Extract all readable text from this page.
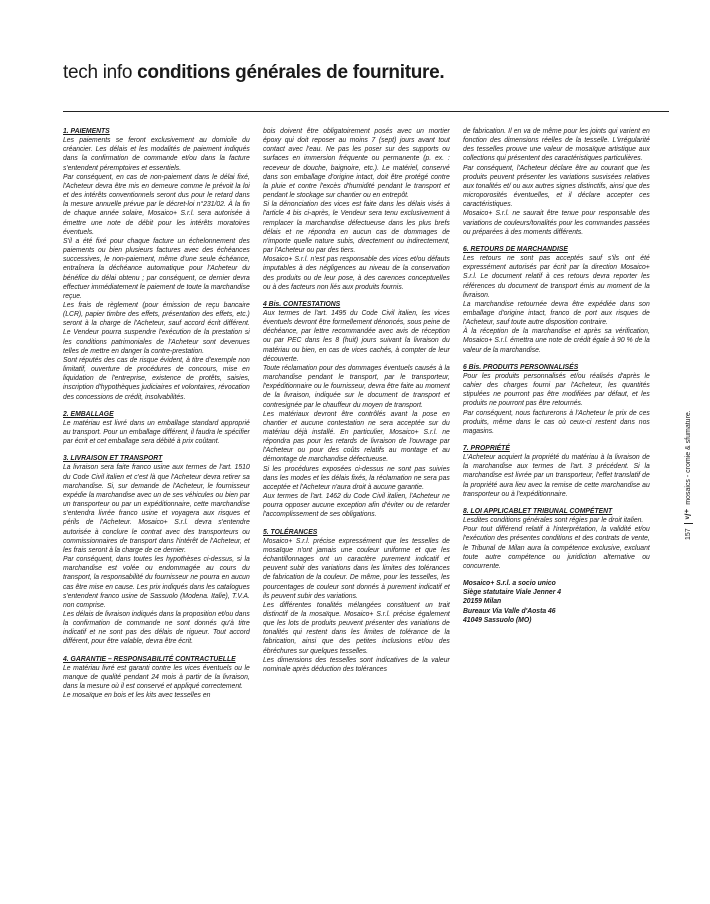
tech info conditions générales de fourniture.
1. PAIEMENTS

Les paiements se feront exclusivement au domicile du créancier. Les délais et les modalités de paiement indiqués dans la confirmation de commande et/ou dans la facture s'entendent péremptoires et essentiels.

Par conséquent, en cas de non-paiement dans le délai fixé, l'Acheteur devra être mis en demeure comme le prévoit la loi et des intérêts conventionnels seront dus pour le retard dans la mesure annuelle prévue par le décret-loi n°231/02. À la fin de chaque année solaire, Mosaico+ S.r.l. sera autorisée à émettre une note de débit pour les intérêts moratoires éventuels.

S'il a été fixé pour chaque facture un échelonnement des paiements ou bien plusieurs factures avec des échéances successives, le non-paiement, même d'une seule échéance, entraînera la déchéance automatique pour l'Acheteur du bénéfice du délai obtenu ; par conséquent, ce dernier devra effectuer immédiatement le paiement de toute la marchandise reçue.

Les frais de règlement (pour émission de reçu bancaire (LCR), papier timbre des effets, présentation des effets, etc.) seront à la charge de l'Acheteur, sauf accord écrit différent. Le Vendeur pourra suspendre l'exécution de la prestation si les conditions patrimoniales de l'Acheteur sont devenues telles de mettre en danger la contre-prestation.

Sont réputés des cas de risque évident, à titre d'exemple non limitatif, ouverture de procédures de concours, mise en liquidation de l'entreprise, existence de protêts, saisies, inscription d'hypothèques judiciaires et volontaires, révocation des concessions de crédit, insolvabilités.

2. EMBALLAGE

Le matériau est livré dans un emballage standard approprié au transport. Pour un emballage différent, il faudra le spécifier par écrit et cet emballage sera débité à prix coûtant.

3. LIVRAISON ET TRANSPORT

La livraison sera faite franco usine aux termes de l'art. 1510 du Code Civil italien et c'est là que l'Acheteur devra retirer sa marchandise. Si, sur demande de l'Acheteur, le fournisseur expédie la marchandise avec un de ses véhicules ou bien par un transporteur ou par un expéditionnaire, cette marchandise s'entendra livrée franco usine et voyagera aux risques et périls de l'Acheteur. Mosaico+ S.r.l. devra s'entendre autorisée à conclure le contrat avec des transporteurs ou commissionnaires de transport dans l'intérêt de l'Acheteur, et les frais seront à la charge de ce dernier.

Par conséquent, dans toutes les hypothèses ci-dessus, si la marchandise est volée ou endommagée au cours du transport, la responsabilité du fournisseur ne pourra en aucun cas être mise en cause. Les prix indiqués dans les catalogues s'entendent franco usine de Sassuolo (Modena. Italie), T.V.A. non comprise.

Les délais de livraison indiqués dans la proposition et/ou dans la confirmation de commande ne sont donnés qu'à titre indicatif et ne sont pas des délais de rigueur. Tout accord différent, pour être valable, devra être écrit.

4. GARANTIE – RESPONSABILITÉ CONTRACTUELLE

Le matériau livré est garanti contre les vices éventuels ou le manque de qualité pendant 24 mois à partir de la livraison, dans la mesure où il est conservé et appliqué correctement.

Le mosaïque en bois et les kits avec tesselles en

bois doivent être obligatoirement posés avec un mortier époxy qui doit reposer au moins 7 (sept) jours avant tout contact avec l'eau. Ne pas les poser sur des supports ou surfaces en immersion fréquente ou permanente (p. ex. : receveur de douche, baignoire, etc.). Le matériel, conservé dans son emballage d'origine intact, doit être protégé contre la pluie et contre l'excès d'humidité pendant le transport et pendant le stockage sur chantier ou en entrepôt.

Si la dénonciation des vices est faite dans les délais visés à l'article 4 bis ci-après, le Vendeur sera tenu exclusivement à remplacer la marchandise défectueuse dans les plus brefs délais et ne répondra en aucun cas de dommages de n'importe quelle nature subis, directement ou indirectement, par l'Acheteur ou par des tiers.

Mosaico+ S.r.l. n'est pas responsable des vices et/ou défauts imputables à des négligences au niveau de la conservation des produits ou de leur pose, à des carences conceptuelles ou à des facteurs non liés aux produits fournis.

4 Bis. CONTESTATIONS

Aux termes de l'art. 1495 du Code Civil italien, les vices éventuels devront être formellement dénoncés, sous peine de déchéance, par lettre recommandée avec avis de réception ou par PEC dans les 8 (huit) jours suivant la livraison du matériau ou bien, en cas de vices cachés, à compter de leur découverte.

Toute réclamation pour des dommages éventuels causés à la marchandise pendant le transport, par le transporteur, l'expéditionnaire ou le fournisseur, devra être faite au moment de la livraison, indiquée sur le document de transport et contresignée par le chauffeur du moyen de transport.

Les matériaux devront être contrôlés avant la pose en chantier et aucune contestation ne sera acceptée sur du matériau déjà installé. En particulier, Mosaico+ S.r.l. ne répondra pas pour les retards de livraison de l'ouvrage par l'Acheteur ou pour des coûts relatifs au montage et au démontage de marchandise défectueuse.

Si les procédures exposées ci-dessus ne sont pas suivies dans les modes et les délais fixés, la réclamation ne sera pas acceptée et l'Acheteur n'aura droit à aucune garantie.

Aux termes de l'art. 1462 du Code Civil italien, l'Acheteur ne pourra opposer aucune exception afin d'éviter ou de retarder l'accomplissement de ses obligations.

5. TOLÉRANCES

Mosaico+ S.r.l. précise expressément que les tesselles de mosaïque n'ont jamais une couleur uniforme et que les échantillonnages ont un caractère purement indicatif et peuvent subir des variations dans les limites des tolérances de fabrication de la couleur. De même, pour les tesselles, les pourcentages de couleur sont donnés à purement indicatif et ils peuvent subir des variations.

Les différentes tonalités mélangées constituent un trait distinctif de la mosaïque. Mosaico+ S.r.l. précise également que les lots de produits peuvent présenter des variations de tonalités qui restent dans les limites de tolérance de la fabrication, ainsi que des petites inclusions et/ou des ébréchures sur quelques tesselles.

Les dimensions des tesselles sont indicatives de la valeur nominale après déduction des tolérances

de fabrication. Il en va de même pour les joints qui varient en fonction des dimensions réelles de la tesselle. L'irrégularité des tesselles prouve une valeur de mosaïque artistique aux collections qui présentent des caractéristiques particulières.

Par conséquent, l'Acheteur déclare être au courant que les produits peuvent présenter les variations susvisées relatives aux tonalités et/ ou aux autres signes distinctifs, ainsi que des microporosités éventuelles, et il déclare accepter ces caractéristiques.

Mosaico+ S.r.l. ne saurait être tenue pour responsable des variations de couleurs/tonalités pour les commandes passées ou préparées à des moments différents.

6. RETOURS DE MARCHANDISE

Les retours ne sont pas acceptés sauf s'ils ont été expressément autorisés par écrit par la direction Mosaico+ S.r.l. Le document relatif à ces retours devra reporter les références du document de transport émis au moment de la livraison.

La marchandise retournée devra être expédiée dans son emballage d'origine intact, franco de port aux risques de l'Acheteur, sauf toute autre disposition contraire.

À la réception de la marchandise et après sa vérification, Mosaico+ S.r.l. émettra une note de crédit égale à 90 % de la valeur de la marchandise.

6 Bis. PRODUITS PERSONNALISÉS

Pour les produits personnalisés et/ou réalisés d'après le cahier des charges fourni par l'Acheteur, les quantités stipulées ne pourront pas être modifiées par défaut, et les produits ne pourront pas être retournés.

Par conséquent, nous facturerons à l'Acheteur le prix de ces produits, même dans le cas où ceux-ci restent dans nos magasins.

7. PROPRIÉTÉ

L'Acheteur acquiert la propriété du matériau à la livraison de la marchandise aux termes de l'art. 3 précédent. Si la marchandise est livrée par un transporteur, l'effet translatif de la propriété aura lieu avec la remise de cette marchandise au transporteur ou à l'expéditionnaire.

8. LOI APPLICABLET TRIBUNAL COMPÉTENT

Lesdites conditions générales sont régies par le droit italien.

Pour tout différend relatif à l'interprétation, la validité et/ou l'exécution des présentes conditions et des contrats de vente, le Tribunal de Milan aura la compétence exclusive, excluant toute autre compétence ou juridiction alternative ou concurrente.

Mosaico+ S.r.l. a socio unico

Siège statutaire Viale Jenner 4

20159 Milan

Bureaux Via Valle d'Aosta 46

41049 Sassuolo (MO)

157
ᵛ/⁺
mosaics - cromie & sfumature.
